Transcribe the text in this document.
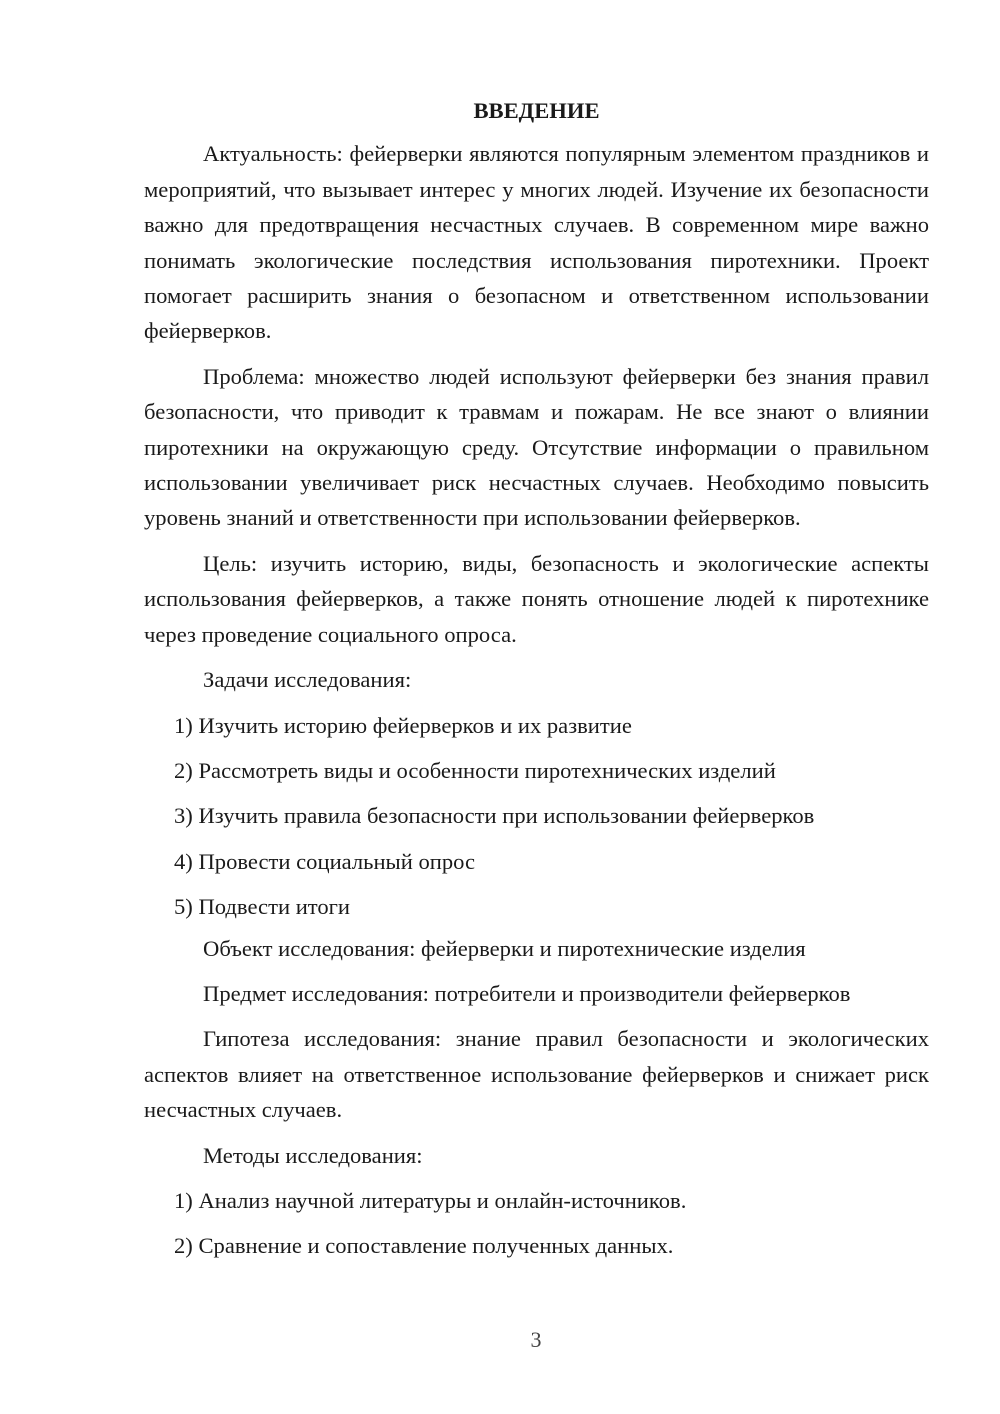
ВВЕДЕНИЕ

Актуальность: фейерверки являются популярным элементом праздников и мероприятий, что вызывает интерес у многих людей. Изучение их безопасности важно для предотвращения несчастных случаев. В современном мире важно понимать экологические последствия использования пиротехники. Проект помогает расширить знания о безопасном и ответственном использовании фейерверков.

Проблема: множество людей используют фейерверки без знания правил безопасности, что приводит к травмам и пожарам. Не все знают о влиянии пиротехники на окружающую среду. Отсутствие информации о правильном использовании увеличивает риск несчастных случаев. Необходимо повысить уровень знаний и ответственности при использовании фейерверков.

Цель: изучить историю, виды, безопасность и экологические аспекты использования фейерверков, а также понять отношение людей к пиротехнике через проведение социального опроса.

Задачи исследования:

1) Изучить историю фейерверков и их развитие

2) Рассмотреть виды и особенности пиротехнических изделий

3) Изучить правила безопасности при использовании фейерверков

4) Провести социальный опрос

5) Подвести итоги

Объект исследования: фейерверки и пиротехнические изделия

Предмет исследования: потребители и производители фейерверков

Гипотеза исследования: знание правил безопасности и экологических аспектов влияет на ответственное использование фейерверков и снижает риск несчастных случаев.

Методы исследования:

1) Анализ научной литературы и онлайн-источников.

2) Сравнение и сопоставление полученных данных.

3
